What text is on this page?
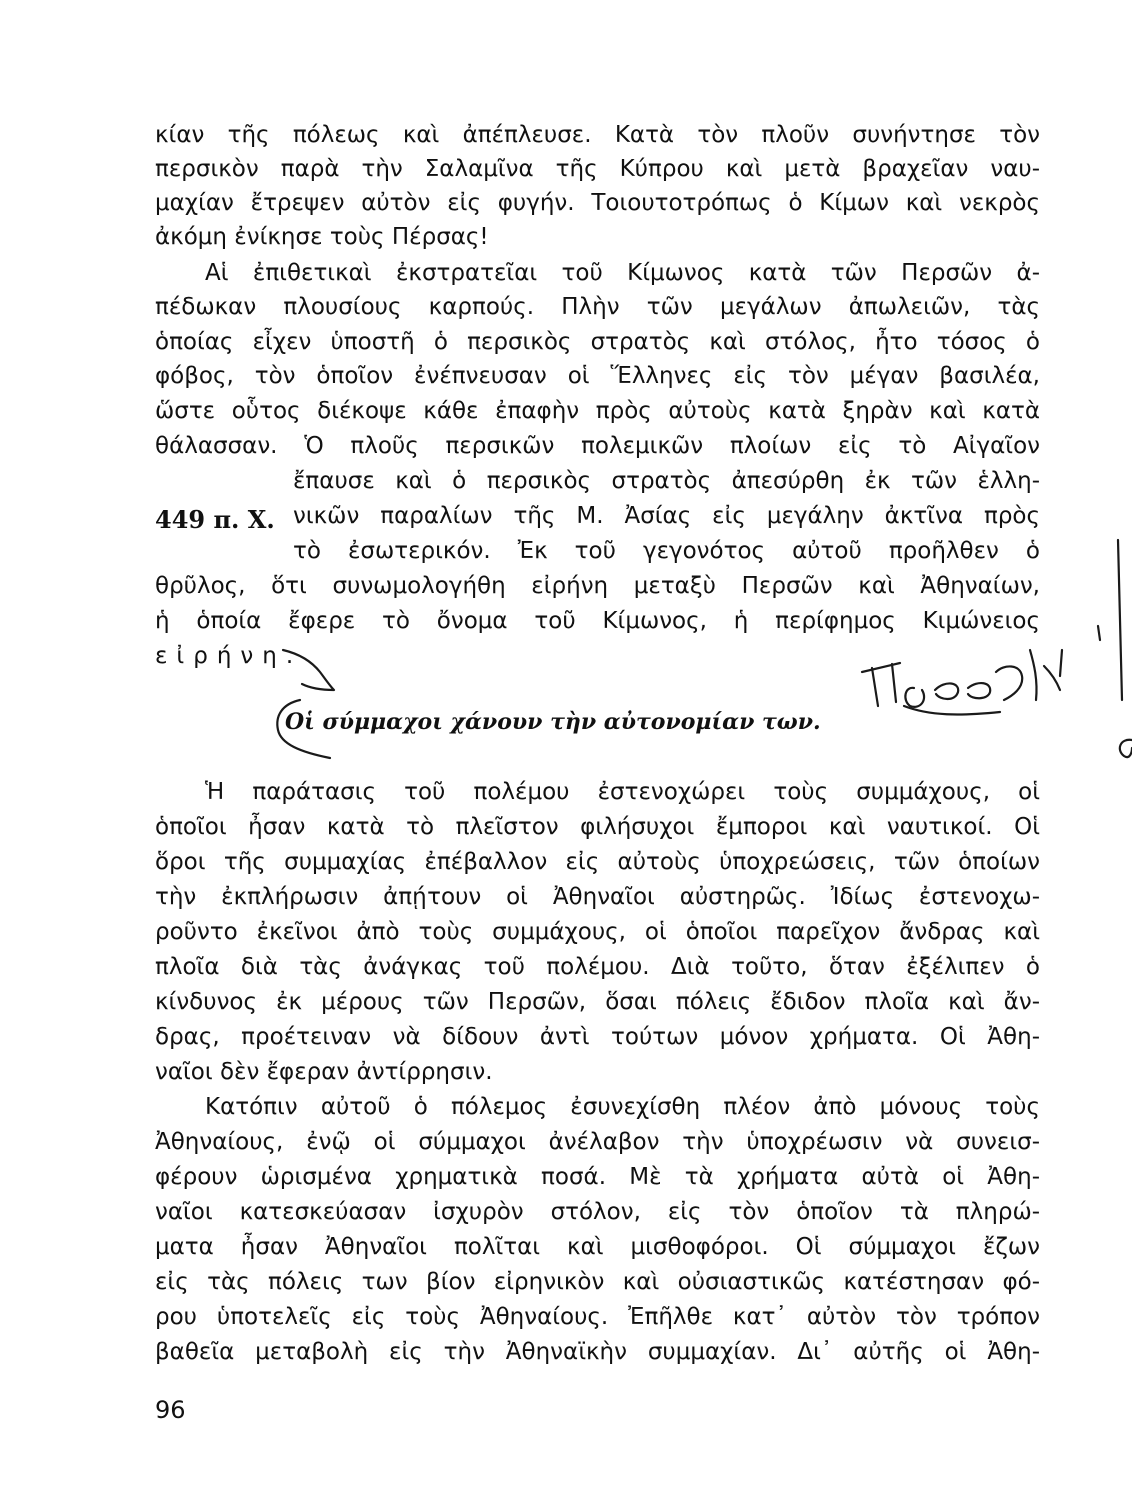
κίαν τῆς πόλεως καὶ ἀπέπλευσε. Κατὰ τὸν πλοῦν συνήντησε τὸν
περσικὸν παρὰ τὴν Σαλαμῖνα τῆς Κύπρου καὶ μετὰ βραχεῖαν ναυ-
μαχίαν ἔτρεψεν αὐτὸν εἰς φυγήν. Τοιουτοτρόπως ὁ Κίμων καὶ νεκρὸς
ἀκόμη ἐνίκησε τοὺς Πέρσας!
Αἱ ἐπιθετικαὶ ἐκστρατεῖαι τοῦ Κίμωνος κατὰ τῶν Περσῶν ἀ-
πέδωκαν πλουσίους καρπούς. Πλὴν τῶν μεγάλων ἀπωλειῶν, τὰς
ὁποίας εἶχεν ὑποστῆ ὁ περσικὸς στρατὸς καὶ στόλος, ἦτο τόσος ὁ
φόβος, τὸν ὁποῖον ἐνέπνευσαν οἱ Ἕλληνες εἰς τὸν μέγαν βασιλέα,
ὥστε οὗτος διέκοψε κάθε ἐπαφὴν πρὸς αὐτοὺς κατὰ ξηρὰν καὶ κατὰ
θάλασσαν. Ὁ πλοῦς περσικῶν πολεμικῶν πλοίων εἰς τὸ Αἰγαῖον
ἔπαυσε καὶ ὁ περσικὸς στρατὸς ἀπεσύρθη ἐκ τῶν ἑλλη-
νικῶν παραλίων τῆς Μ. Ἀσίας εἰς μεγάλην ἀκτῖνα πρὸς
τὸ ἐσωτερικόν. Ἐκ τοῦ γεγονότος αὐτοῦ προῆλθεν ὁ
θρῦλος, ὅτι συνωμολογήθη εἰρήνη μεταξὺ Περσῶν καὶ Ἀθηναίων,
ἡ ὁποία ἔφερε τὸ ὄνομα τοῦ Κίμωνος, ἡ περίφημος Κιμώνειος
εἰρήνη.
449 π. Χ.
Οἱ σύμμαχοι χάνουν τὴν αὐτονομίαν των.
Ἡ παράτασις τοῦ πολέμου ἐστενοχώρει τοὺς συμμάχους, οἱ
ὁποῖοι ἦσαν κατὰ τὸ πλεῖστον φιλήσυχοι ἔμποροι καὶ ναυτικοί. Οἱ
ὅροι τῆς συμμαχίας ἐπέβαλλον εἰς αὐτοὺς ὑποχρεώσεις, τῶν ὁποίων
τὴν ἐκπλήρωσιν ἀπῄτουν οἱ Ἀθηναῖοι αὐστηρῶς. Ἰδίως ἐστενοχω-
ροῦντο ἐκεῖνοι ἀπὸ τοὺς συμμάχους, οἱ ὁποῖοι παρεῖχον ἄνδρας καὶ
πλοῖα διὰ τὰς ἀνάγκας τοῦ πολέμου. Διὰ τοῦτο, ὅταν ἐξέλιπεν ὁ
κίνδυνος ἐκ μέρους τῶν Περσῶν, ὅσαι πόλεις ἔδιδον πλοῖα καὶ ἄν-
δρας, προέτειναν νὰ δίδουν ἀντὶ τούτων μόνον χρήματα. Οἱ Ἀθη-
ναῖοι δὲν ἔφεραν ἀντίρρησιν.
Κατόπιν αὐτοῦ ὁ πόλεμος ἐσυνεχίσθη πλέον ἀπὸ μόνους τοὺς
Ἀθηναίους, ἐνῷ οἱ σύμμαχοι ἀνέλαβον τὴν ὑποχρέωσιν νὰ συνεισ-
φέρουν ὡρισμένα χρηματικὰ ποσά. Μὲ τὰ χρήματα αὐτὰ οἱ Ἀθη-
ναῖοι κατεσκεύασαν ἰσχυρὸν στόλον, εἰς τὸν ὁποῖον τὰ πληρώ-
ματα ἦσαν Ἀθηναῖοι πολῖται καὶ μισθοφόροι. Οἱ σύμμαχοι ἔζων
εἰς τὰς πόλεις των βίον εἰρηνικὸν καὶ οὐσιαστικῶς κατέστησαν φό-
ρου ὑποτελεῖς εἰς τοὺς Ἀθηναίους. Ἐπῆλθε κατ᾽ αὐτὸν τὸν τρόπον
βαθεῖα μεταβολὴ εἰς τὴν Ἀθηναϊκὴν συμμαχίαν. Δι᾽ αὐτῆς οἱ Ἀθη-
96
